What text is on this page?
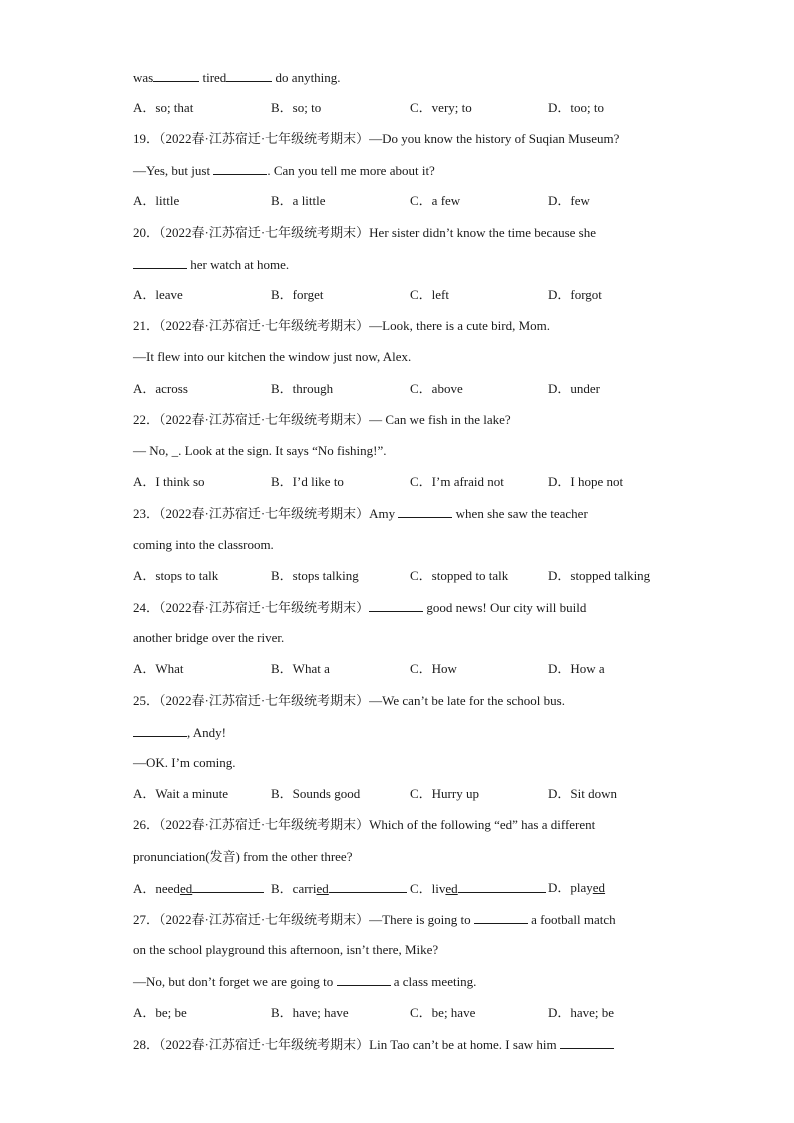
was	tired	do anything.
A．so; that	B．so; to	C．very; to	D．too; to
19．（2022春·江苏宿迁·七年级统考期末）—Do you know the history of Suqian Museum?
—Yes, but just	. Can you tell me more about it?
A．little	B．a little	C．a few	D．few
20．（2022春·江苏宿迁·七年级统考期末）Her sister didn’t know the time because she
her watch at home.
A．leave	B．forget	C．left	D．forgot
21．（2022春·江苏宿迁·七年级统考期末）—Look, there is a cute bird, Mom.
—It flew into our kitchen the window just now, Alex.
A．across	B．through	C．above	D．under
22．（2022春·江苏宿迁·七年级统考期末）— Can we fish in the lake?
— No, _. Look at the sign. It says “No fishing!”.
A．I think so	B．I’d like to	C．I’m afraid not	D．I hope not
23．（2022春·江苏宿迁·七年级统考期末）Amy	when she saw the teacher
coming into the classroom.
A．stops to talk	B．stops talking	C．stopped to talk	D．stopped talking
24．（2022春·江苏宿迁·七年级统考期末）	good news! Our city will build
another bridge over the river.
A．What	B．What a	C．How	D．How a
25．（2022春·江苏宿迁·七年级统考期末）—We can’t be late for the school bus.
, Andy!
—OK. I’m coming.
A．Wait a minute	B．Sounds good	C．Hurry up	D．Sit down
26．（2022春·江苏宿迁·七年级统考期末）Which of the following “ed” has a different
pronunciation(发音) from the other three?
A．needed	B．carried	C．lived	D．played
27．（2022春·江苏宿迁·七年级统考期末）—There is going to	a football match
on the school playground this afternoon, isn’t there, Mike?
—No, but don’t forget we are going to	a class meeting.
A．be; be	B．have; have	C．be; have	D．have; be
28．（2022春·江苏宿迁·七年级统考期末）Lin Tao can’t be at home. I saw him
